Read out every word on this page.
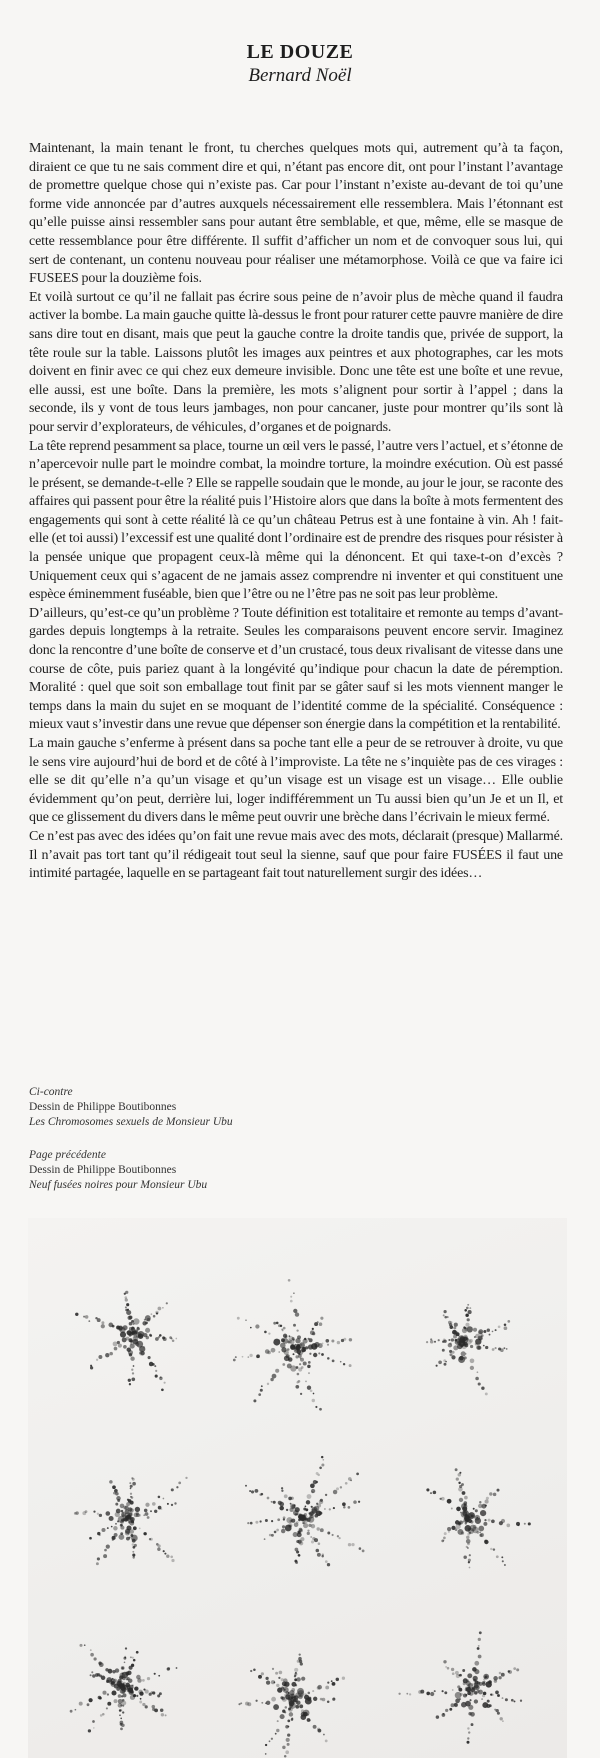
LE DOUZE
Bernard Noël

Maintenant, la main tenant le front, tu cherches quelques mots qui, autrement qu’à ta façon, diraient ce que tu ne sais comment dire et qui, n’étant pas encore dit, ont pour l’instant l’avantage de promettre quelque chose qui n’existe pas. Car pour l’instant n’existe au-devant de toi qu’une forme vide annoncée par d’autres auxquels nécessairement elle ressemblera. Mais l’étonnant est qu’elle puisse ainsi ressembler sans pour autant être semblable, et que, même, elle se masque de cette ressemblance pour être différente. Il suffit d’afficher un nom et de convoquer sous lui, qui sert de contenant, un contenu nouveau pour réaliser une métamorphose. Voilà ce que va faire ici FUSEES pour la douzième fois.

Et voilà surtout ce qu’il ne fallait pas écrire sous peine de n’avoir plus de mèche quand il faudra activer la bombe. La main gauche quitte là-dessus le front pour raturer cette pauvre manière de dire sans dire tout en disant, mais que peut la gauche contre la droite tandis que, privée de support, la tête roule sur la table. Laissons plutôt les images aux peintres et aux photographes, car les mots doivent en finir avec ce qui chez eux demeure invisible. Donc une tête est une boîte et une revue, elle aussi, est une boîte. Dans la première, les mots s’alignent pour sortir à l’appel ; dans la seconde, ils y vont de tous leurs jambages, non pour cancaner, juste pour montrer qu’ils sont là pour servir d’explorateurs, de véhicules, d’organes et de poignards.

La tête reprend pesamment sa place, tourne un œil vers le passé, l’autre vers l’actuel, et s’étonne de n’apercevoir nulle part le moindre combat, la moindre torture, la moindre exécution. Où est passé le présent, se demande-t-elle ? Elle se rappelle soudain que le monde, au jour le jour, se raconte des affaires qui passent pour être la réalité puis l’Histoire alors que dans la boîte à mots fermentent des engagements qui sont à cette réalité là ce qu’un château Petrus est à une fontaine à vin. Ah ! fait-elle (et toi aussi) l’excessif est une qualité dont l’ordinaire est de prendre des risques pour résister à la pensée unique que propagent ceux-là même qui la dénoncent. Et qui taxe-t-on d’excès ? Uniquement ceux qui s’agacent de ne jamais assez comprendre ni inventer et qui constituent une espèce éminemment fuséable, bien que l’être ou ne l’être pas ne soit pas leur problème.

D’ailleurs, qu’est-ce qu’un problème ? Toute définition est totalitaire et remonte au temps d’avant-gardes depuis longtemps à la retraite. Seules les comparaisons peuvent encore servir. Imaginez donc la rencontre d’une boîte de conserve et d’un crustacé, tous deux rivalisant de vitesse dans une course de côte, puis pariez quant à la longévité qu’indique pour chacun la date de péremption. Moralité : quel que soit son emballage tout finit par se gâter sauf si les mots viennent manger le temps dans la main du sujet en se moquant de l’identité comme de la spécialité. Conséquence : mieux vaut s’investir dans une revue que dépenser son énergie dans la compétition et la rentabilité.

La main gauche s’enferme à présent dans sa poche tant elle a peur de se retrouver à droite, vu que le sens vire aujourd’hui de bord et de côté à l’improviste. La tête ne s’inquiète pas de ces virages : elle se dit qu’elle n’a qu’un visage et qu’un visage est un visage est un visage… Elle oublie évidemment qu’on peut, derrière lui, loger indifféremment un Tu aussi bien qu’un Je et un Il, et que ce glissement du divers dans le même peut ouvrir une brèche dans l’écrivain le mieux fermé.

Ce n’est pas avec des idées qu’on fait une revue mais avec des mots, déclarait (presque) Mallarmé. Il n’avait pas tort tant qu’il rédigeait tout seul la sienne, sauf que pour faire FUSÉES il faut une intimité partagée, laquelle en se partageant fait tout naturellement surgir des idées…

Ci-contre
Dessin de Philippe Boutibonnes
Les Chromosomes sexuels de Monsieur Ubu
Page précédente
Dessin de Philippe Boutibonnes
Neuf fusées noires pour Monsieur Ubu
